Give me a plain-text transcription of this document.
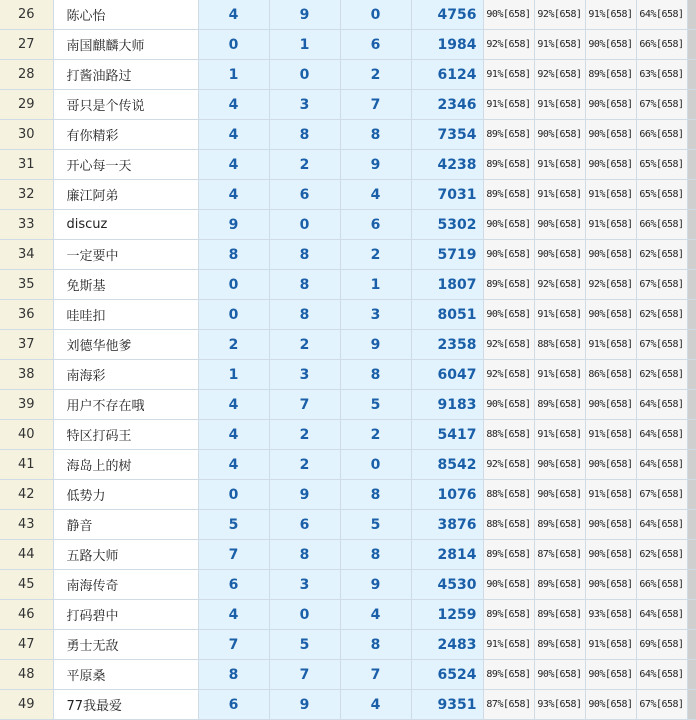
26	陈心怡	4	9	0	4756	90%[658]	92%[658]	91%[658]	64%[658]	
27	南国麒麟大师	0	1	6	1984	92%[658]	91%[658]	90%[658]	66%[658]	
28	打酱油路过	1	0	2	6124	91%[658]	92%[658]	89%[658]	63%[658]	
29	哥只是个传说	4	3	7	2346	91%[658]	91%[658]	90%[658]	67%[658]	
30	有你精彩	4	8	8	7354	89%[658]	90%[658]	90%[658]	66%[658]	
31	开心每一天	4	2	9	4238	89%[658]	91%[658]	90%[658]	65%[658]	
32	廉江阿弟	4	6	4	7031	89%[658]	91%[658]	91%[658]	65%[658]	
33	discuz	9	0	6	5302	90%[658]	90%[658]	91%[658]	66%[658]	
34	一定要中	8	8	2	5719	90%[658]	90%[658]	90%[658]	62%[658]	
35	免斯基	0	8	1	1807	89%[658]	92%[658]	92%[658]	67%[658]	
36	哇哇扣	0	8	3	8051	90%[658]	91%[658]	90%[658]	62%[658]	
37	刘德华他爹	2	2	9	2358	92%[658]	88%[658]	91%[658]	67%[658]	
38	南海彩	1	3	8	6047	92%[658]	91%[658]	86%[658]	62%[658]	
39	用户不存在哦	4	7	5	9183	90%[658]	89%[658]	90%[658]	64%[658]	
40	特区打码王	4	2	2	5417	88%[658]	91%[658]	91%[658]	64%[658]	
41	海岛上的树	4	2	0	8542	92%[658]	90%[658]	90%[658]	64%[658]	
42	低势力	0	9	8	1076	88%[658]	90%[658]	91%[658]	67%[658]	
43	静音	5	6	5	3876	88%[658]	89%[658]	90%[658]	64%[658]	
44	五路大师	7	8	8	2814	89%[658]	87%[658]	90%[658]	62%[658]	
45	南海传奇	6	3	9	4530	90%[658]	89%[658]	90%[658]	66%[658]	
46	打码碧中	4	0	4	1259	89%[658]	89%[658]	93%[658]	64%[658]	
47	勇士无敌	7	5	8	2483	91%[658]	89%[658]	91%[658]	69%[658]	
48	平原桑	8	7	7	6524	89%[658]	90%[658]	90%[658]	64%[658]	
49	77我最爱	6	9	4	9351	87%[658]	93%[658]	90%[658]	67%[658]	
